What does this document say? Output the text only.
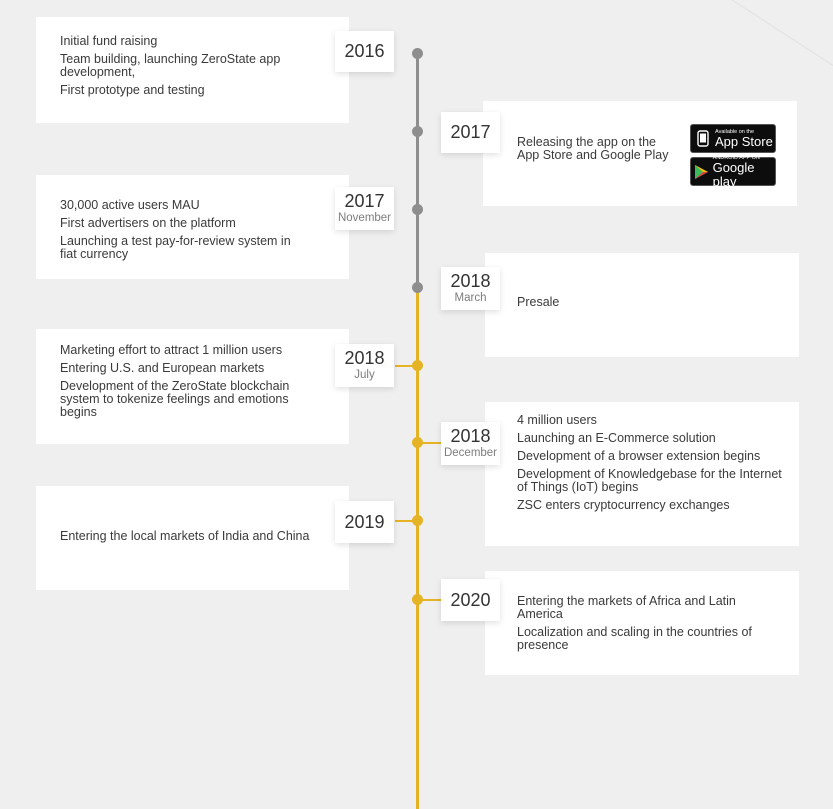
Initial fund raising
Team building, launching ZeroState app development,
First prototype and testing
2016
Releasing the app on the App Store and Google Play
2017	Available on the
App Store
ANDROID APP ON
Google play
30,000 active users MAU
First advertisers on the platform
Launching a test pay-for-review system in fiat currency
2017
November
Presale
2018
March
Marketing effort to attract 1 million users
Entering U.S. and European markets
Development of the ZeroState blockchain system to tokenize feelings and emotions begins
2018
July
4 million users
Launching an E-Commerce solution
Development of a browser extension begins
Development of Knowledgebase for the Internet of Things (IoT) begins
ZSC enters cryptocurrency exchanges
2018
December
Entering the local markets of India and China
2019
Entering the markets of Africa and Latin America
Localization and scaling in the countries of presence
2020
